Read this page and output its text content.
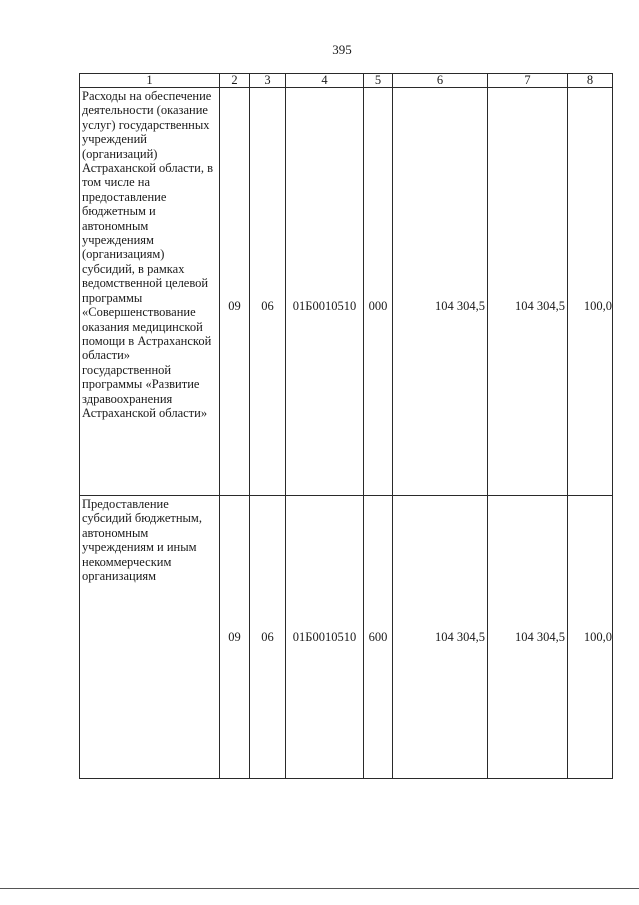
395
1	2	3	4	5	6	7	8
Расходы на обеспечение деятельности (оказание услуг) государственных учреждений (организаций) Астраханской области, в том числе на предоставление бюджетным и автономным учреждениям (организациям) субсидий, в рамках ведомственной целевой программы «Совершенствование оказания медицинской помощи в Астраханской области» государственной программы «Развитие здравоохранения Астраханской области»	09	06	01Б0010510	000	104 304,5	104 304,5	100,0

Предоставление субсидий бюджетным, автономным учреждениям и иным некоммерческим организациям	09	06	01Б0010510	600	104 304,5	104 304,5	100,0
